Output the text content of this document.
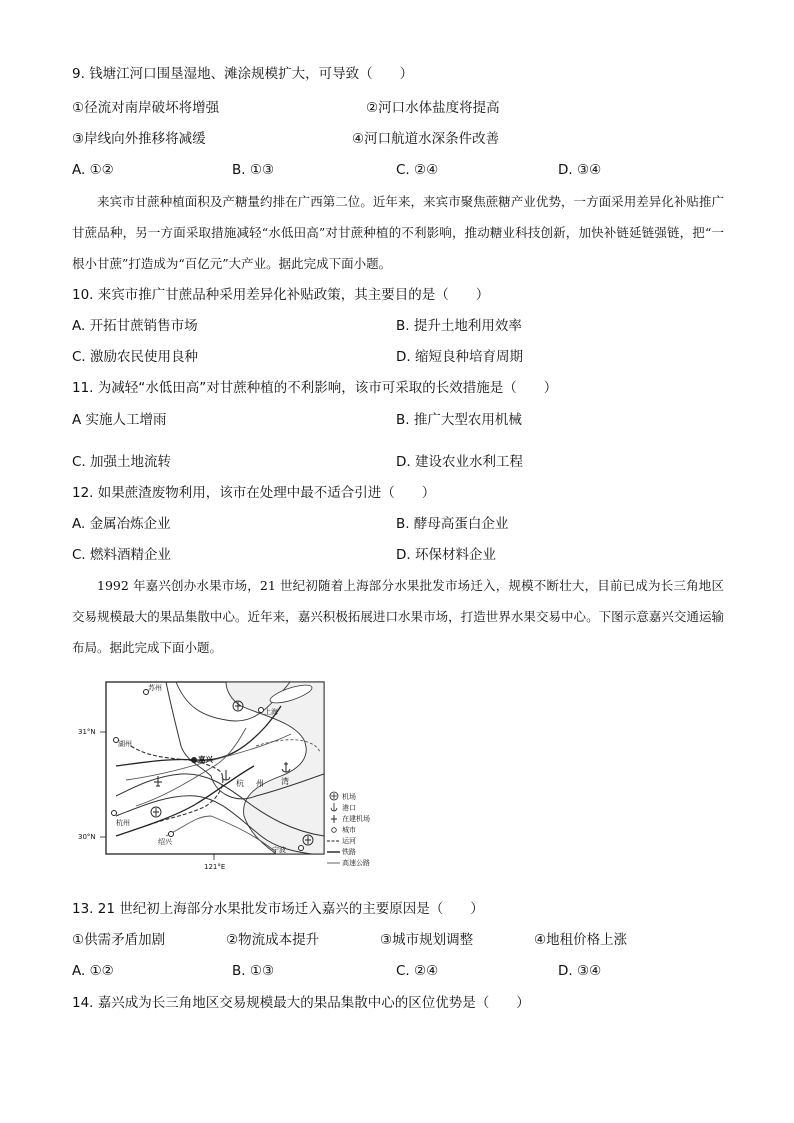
9. 钱塘江河口围垦湿地、滩涂规模扩大，可导致（　　）
①径流对南岸破坏将增强	②河口水体盐度将提高
③岸线向外推移将减缓	④河口航道水深条件改善
A. ①②	B. ①③	C. ②④	D. ③④

来宾市甘蔗种植面积及产糖量约排在广西第二位。近年来，来宾市聚焦蔗糖产业优势，一方面采用差异化补贴推广甘蔗品种，另一方面采取措施减轻“水低田高”对甘蔗种植的不利影响，推动糖业科技创新，加快补链延链强链，把“一根小甘蔗”打造成为“百亿元”大产业。据此完成下面小题。

10. 来宾市推广甘蔗品种采用差异化补贴政策，其主要目的是（　　）
A. 开拓甘蔗销售市场	B. 提升土地利用效率
C. 激励农民使用良种	D. 缩短良种培育周期
11. 为减轻“水低田高”对甘蔗种植的不利影响，该市可采取的长效措施是（　　）
A 实施人工增雨	B. 推广大型农用机械
C. 加强土地流转	D. 建设农业水利工程
12. 如果蔗渣废物利用，该市在处理中最不适合引进（　　）
A. 金属冶炼企业	B. 酵母高蛋白企业
C. 燃料酒精企业	D. 环保材料企业

1992 年嘉兴创办水果市场，21 世纪初随着上海部分水果批发市场迁入，规模不断壮大，目前已成为长三角地区交易规模最大的果品集散中心。近年来，嘉兴积极拓展进口水果市场，打造世界水果交易中心。下图示意嘉兴交通运输布局。据此完成下面小题。

苏州
上海
湖州
嘉兴
杭 州 湾
杭州
绍兴
宁波
31°N
30°N
121°E
机场
港口
在建机场
城市
运河
铁路
高速公路
13. 21 世纪初上海部分水果批发市场迁入嘉兴的主要原因是（　　）
①供需矛盾加剧	②物流成本提升	③城市规划调整	④地租价格上涨
A. ①②	B. ①③	C. ②④	D. ③④
14. 嘉兴成为长三角地区交易规模最大的果品集散中心的区位优势是（　　）
